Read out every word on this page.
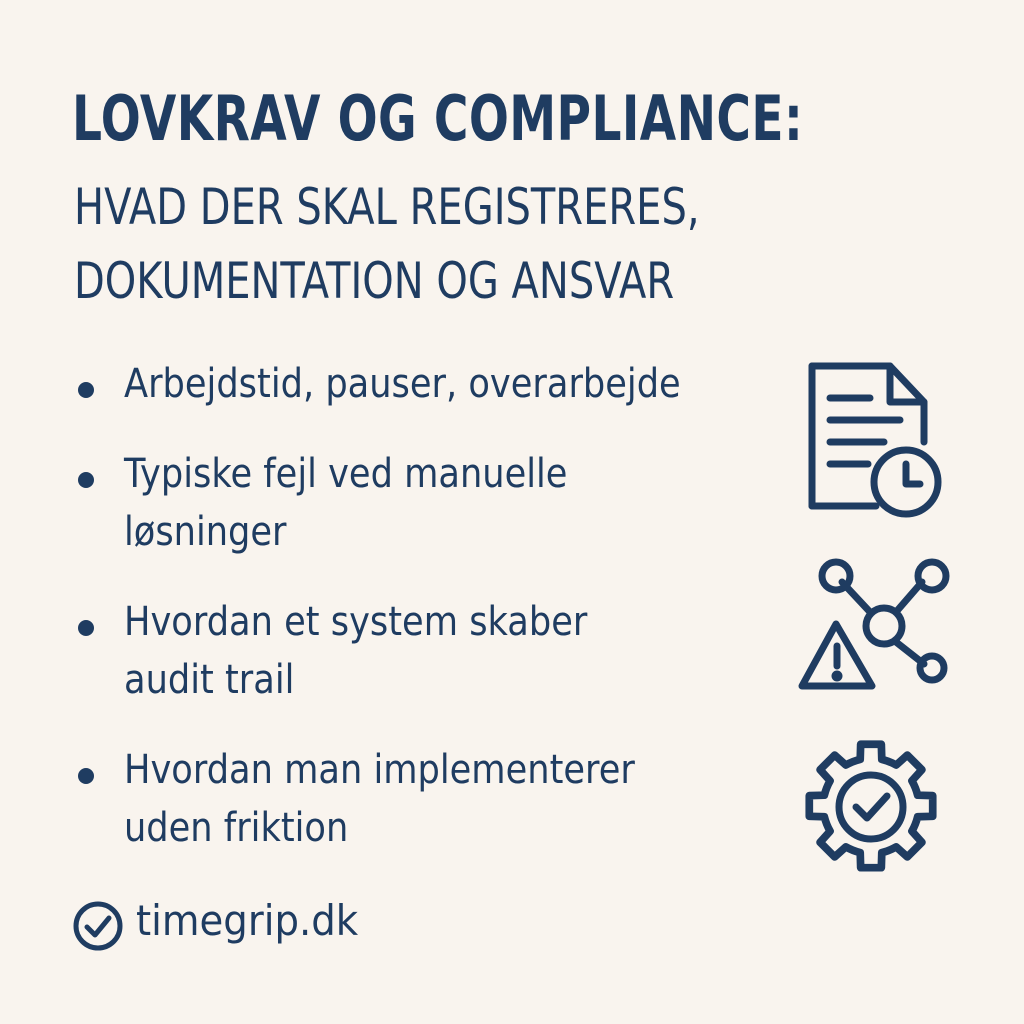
LOVKRAV OG COMPLIANCE:
HVAD DER SKAL REGISTRERES,
DOKUMENTATION OG ANSVAR
Arbejdstid, pauser, overarbejde
Typiske fejl ved manuelle
løsninger
Hvordan et system skaber
audit trail
Hvordan man implementerer
uden friktion
timegrip.dk
